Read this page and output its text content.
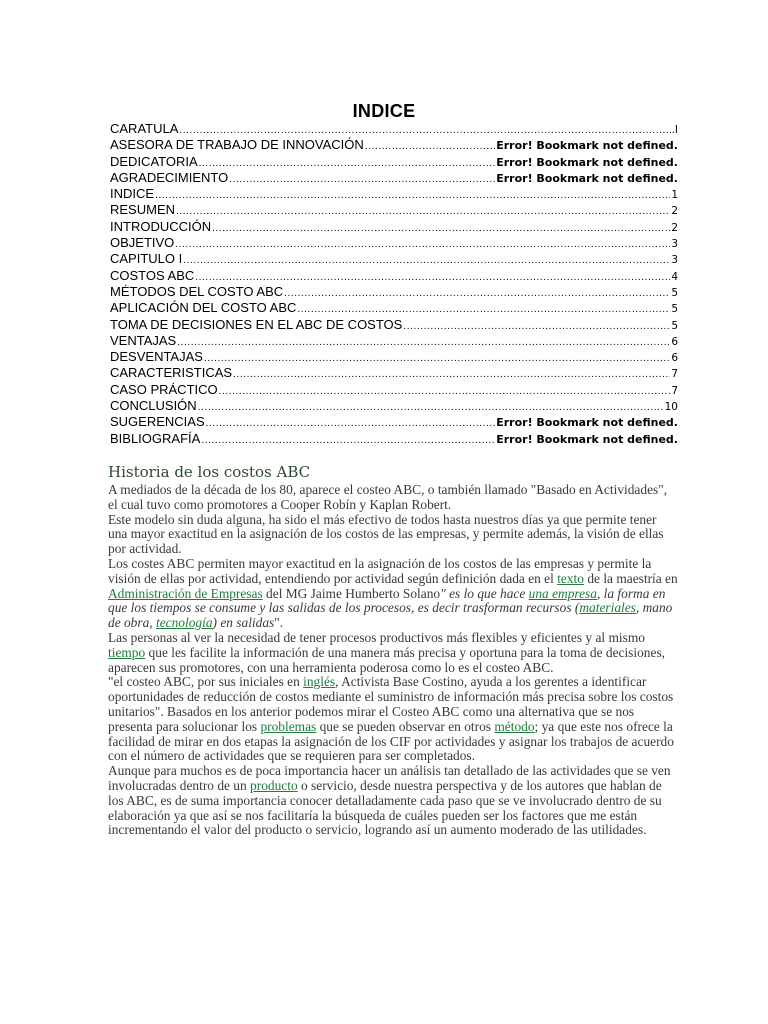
INDICE
CARATULA .....	.I
ASESORA DE TRABAJO DE INNOVACIÓN .....	Error! Bookmark not defined.
DEDICATORIA .....	Error! Bookmark not defined.
AGRADECIMIENTO .....	Error! Bookmark not defined.
INDICE .....	1
RESUMEN .....	2
INTRODUCCIÓN .....	2
OBJETIVO .....	3
CAPITULO I .....	3
COSTOS ABC .....	4
MÉTODOS DEL COSTO ABC .....	5
APLICACIÓN DEL COSTO ABC .....	5
TOMA DE DECISIONES EN EL ABC DE COSTOS .....	5
VENTAJAS .....	6
DESVENTAJAS .....	6
CARACTERISTICAS .....	7
CASO PRÁCTICO .....	7
CONCLUSIÓN .....	10
SUGERENCIAS .....	Error! Bookmark not defined.
BIBLIOGRAFÍA .....	Error! Bookmark not defined.
Historia de los costos ABC

A mediados de la década de los 80, aparece el costeo ABC, o también llamado "Basado en Actividades", el cual tuvo como promotores a Cooper Robín y Kaplan Robert.

Este modelo sin duda alguna, ha sido el más efectivo de todos hasta nuestros días ya que permite tener una mayor exactitud en la asignación de los costos de las empresas, y permite además, la visión de ellas por actividad.

Los costes ABC permiten mayor exactitud en la asignación de los costos de las empresas y permite la visión de ellas por actividad, entendiendo por actividad según definición dada en el texto de la maestría en Administración de Empresas del MG Jaime Humberto Solano" es lo que hace una empresa, la forma en que los tiempos se consume y las salidas de los procesos, es decir trasforman recursos (materiales, mano de obra, tecnología) en salidas".

Las personas al ver la necesidad de tener procesos productivos más flexibles y eficientes y al mismo tiempo que les facilite la información de una manera más precisa y oportuna para la toma de decisiones, aparecen sus promotores, con una herramienta poderosa como lo es el costeo ABC.

"el costeo ABC, por sus iniciales en inglés, Activista Base Costino, ayuda a los gerentes a identificar oportunidades de reducción de costos mediante el suministro de información más precisa sobre los costos unitarios". Basados en los anterior podemos mirar el Costeo ABC como una alternativa que se nos presenta para solucionar los problemas que se pueden observar en otros método; ya que este nos ofrece la facilidad de mirar en dos etapas la asignación de los CIF por actividades y asignar los trabajos de acuerdo con el número de actividades que se requieren para ser completados.

Aunque para muchos es de poca importancia hacer un análisis tan detallado de las actividades que se ven involucradas dentro de un producto o servicio, desde nuestra perspectiva y de los autores que hablan de los ABC, es de suma importancia conocer detalladamente cada paso que se ve involucrado dentro de su elaboración ya que así se nos facilitaría la búsqueda de cuáles pueden ser los factores que me están incrementando el valor del producto o servicio, logrando así un aumento moderado de las utilidades.
